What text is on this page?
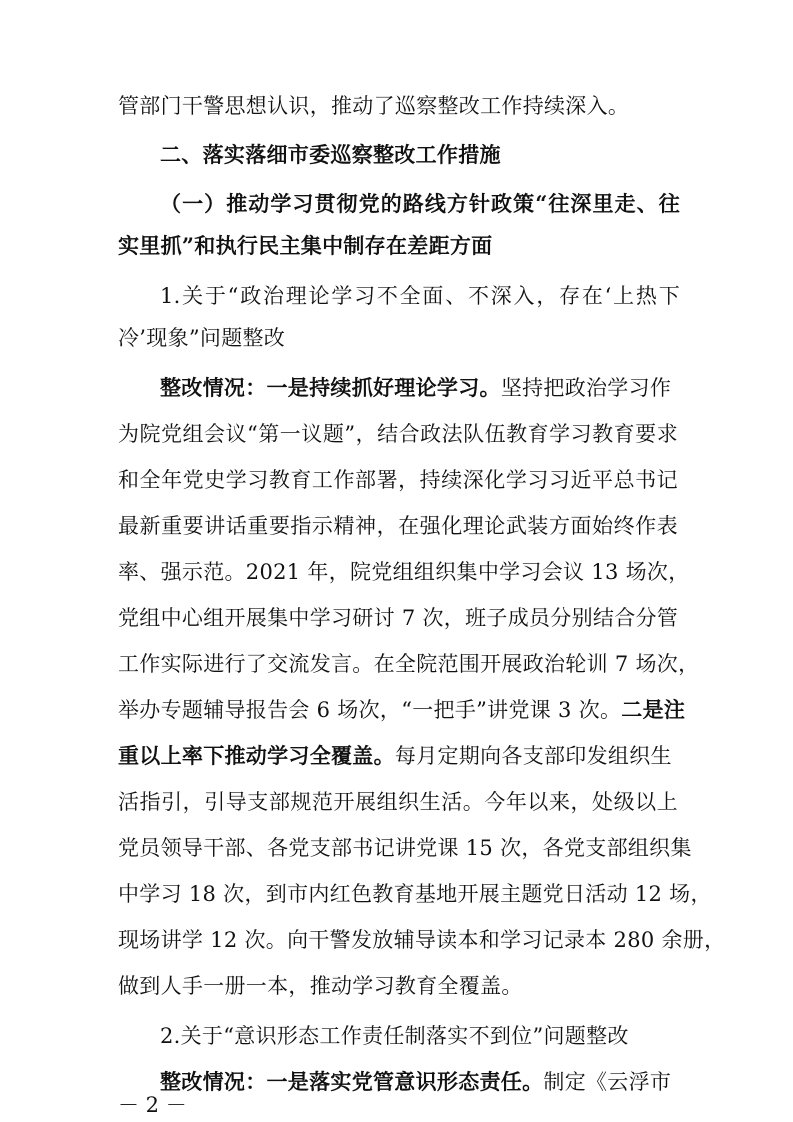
管部门干警思想认识，推动了巡察整改工作持续深入。
二、落实落细市委巡察整改工作措施
（一）推动学习贯彻党的路线方针政策“往深里走、往
实里抓”和执行民主集中制存在差距方面
1.关于“政治理论学习不全面、不深入，存在‘上热下
冷’现象”问题整改
整改情况：一是持续抓好理论学习。坚持把政治学习作
为院党组会议“第一议题”，结合政法队伍教育学习教育要求
和全年党史学习教育工作部署，持续深化学习习近平总书记
最新重要讲话重要指示精神，在强化理论武装方面始终作表
率、强示范。2021 年，院党组组织集中学习会议 13 场次，
党组中心组开展集中学习研讨 7 次，班子成员分别结合分管
工作实际进行了交流发言。在全院范围开展政治轮训 7 场次，
举办专题辅导报告会 6 场次，“一把手”讲党课 3 次。二是注
重以上率下推动学习全覆盖。每月定期向各支部印发组织生
活指引，引导支部规范开展组织生活。今年以来，处级以上
党员领导干部、各党支部书记讲党课 15 次，各党支部组织集
中学习 18 次，到市内红色教育基地开展主题党日活动 12 场，
现场讲学 12 次。向干警发放辅导读本和学习记录本 280 余册，
做到人手一册一本，推动学习教育全覆盖。
2.关于“意识形态工作责任制落实不到位”问题整改
整改情况：一是落实党管意识形态责任。制定《云浮市
－ 2 －
